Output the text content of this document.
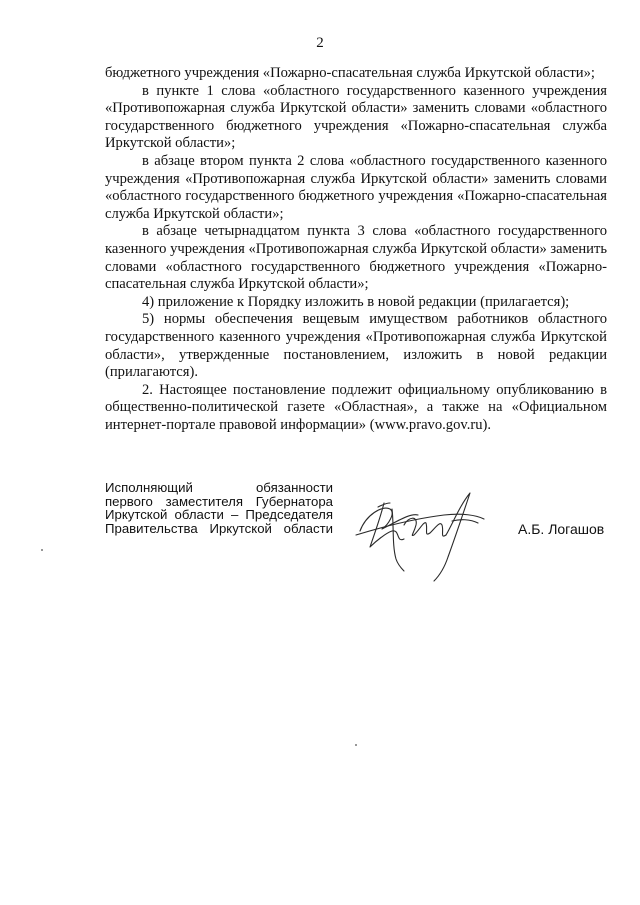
2

бюджетного учреждения «Пожарно-спасательная служба Иркутской области»;

в пункте 1 слова «областного государственного казенного учреждения «Противопожарная служба Иркутской области» заменить словами «областного государственного бюджетного учреждения «Пожарно-спасательная служба Иркутской области»;

в абзаце втором пункта 2 слова «областного государственного казенного учреждения «Противопожарная служба Иркутской области» заменить словами «областного государственного бюджетного учреждения «Пожарно-спасательная служба Иркутской области»;

в абзаце четырнадцатом пункта 3 слова «областного государственного казенного учреждения «Противопожарная служба Иркутской области» заменить словами «областного государственного бюджетного учреждения «Пожарно-спасательная служба Иркутской области»;

4) приложение к Порядку изложить в новой редакции (прилагается);

5) нормы обеспечения вещевым имуществом работников областного государственного казенного учреждения «Противопожарная служба Иркутской области», утвержденные постановлением, изложить в новой редакции (прилагаются).

2. Настоящее постановление подлежит официальному опубликованию в общественно-политической газете «Областная», а также на «Официальном интернет-портале правовой информации» (www.pravo.gov.ru).

Исполняющий обязанности
первого заместителя Губернатора
Иркутской области – Председателя
Правительства Иркутской области	А.Б. Логашов
